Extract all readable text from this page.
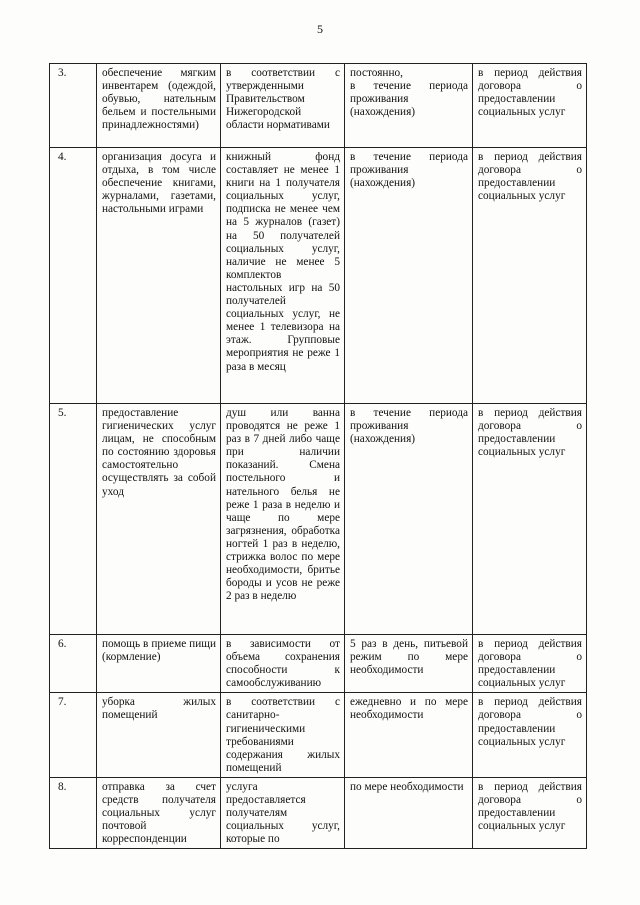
5
3.	обеспечение мягким инвентарем (одеждой, обувью, нательным бельем и постельными принадлежностями)	в соответствии с утвержденными Правительством Нижегородской области нормативами	постоянно,
в течение периода проживания (нахождения)	в период действия договора о предоставлении социальных услуг

4.	организация досуга и отдыха, в том числе обеспечение книгами, журналами, газетами, настольными играми	книжный фонд составляет не менее 1 книги на 1 получателя социальных услуг, подписка не менее чем на 5 журналов (газет) на 50 получателей социальных услуг, наличие не менее 5 комплектов настольных игр на 50 получателей социальных услуг, не менее 1 телевизора на этаж. Групповые мероприятия не реже 1 раза в месяц	в течение периода проживания (нахождения)	в период действия договора о предоставлении социальных услуг

5.	предоставление гигиенических услуг лицам, не способным по состоянию здоровья самостоятельно осуществлять за собой уход	душ или ванна проводятся не реже 1 раз в 7 дней либо чаще при наличии показаний. Смена постельного и нательного белья не реже 1 раза в неделю и чаще по мере загрязнения, обработка ногтей 1 раз в неделю, стрижка волос по мере необходимости, бритье бороды и усов не реже 2 раз в неделю	в течение периода проживания (нахождения)	в период действия договора о предоставлении социальных услуг

6.	помощь в приеме пищи (кормление)	в зависимости от объема сохранения способности к самообслуживанию	5 раз в день, питьевой режим по мере необходимости	в период действия договора о предоставлении социальных услуг

7.	уборка жилых помещений	в соответствии с санитарно-гигиеническими требованиями содержания жилых помещений	ежедневно и по мере необходимости	в период действия договора о предоставлении социальных услуг

8.	отправка за счет средств получателя социальных услуг почтовой корреспонденции	услуга предоставляется получателям социальных услуг, которые по	по мере необходимости	в период действия договора о предоставлении социальных услуг
